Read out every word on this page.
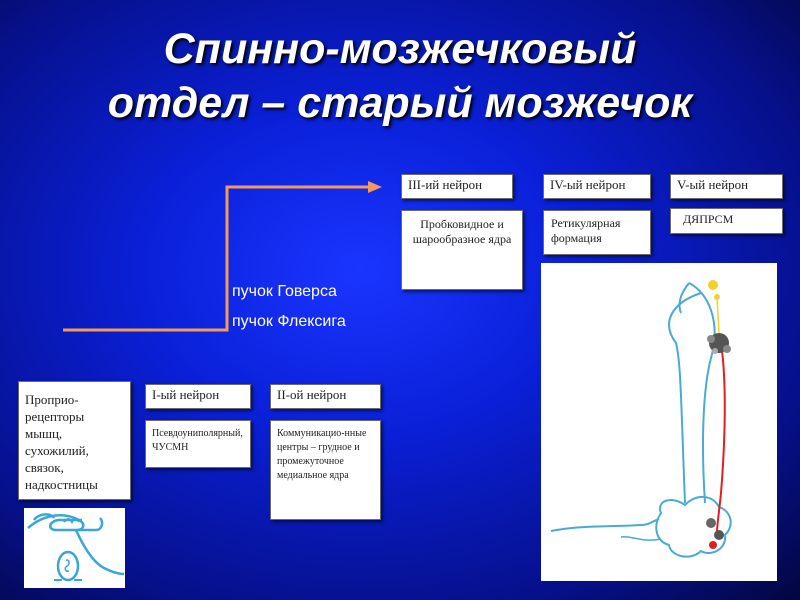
Спинно-мозжечковый
отдел – старый мозжечок
пучок Говерса
пучок Флексига
Проприо-рецепторы мышц, сухожилий, связок, надкостницы
I-ый нейрон
Псевдоуниполярный, ЧУСМН
II-ой нейрон
Коммуникацио-нные центры – грудное и промежуточное медиальное ядра
III-ий нейрон
Пробковидное и шарообразное ядра
IV-ый нейрон
Ретикулярная формация
V-ый нейрон
ДЯПРСМ
